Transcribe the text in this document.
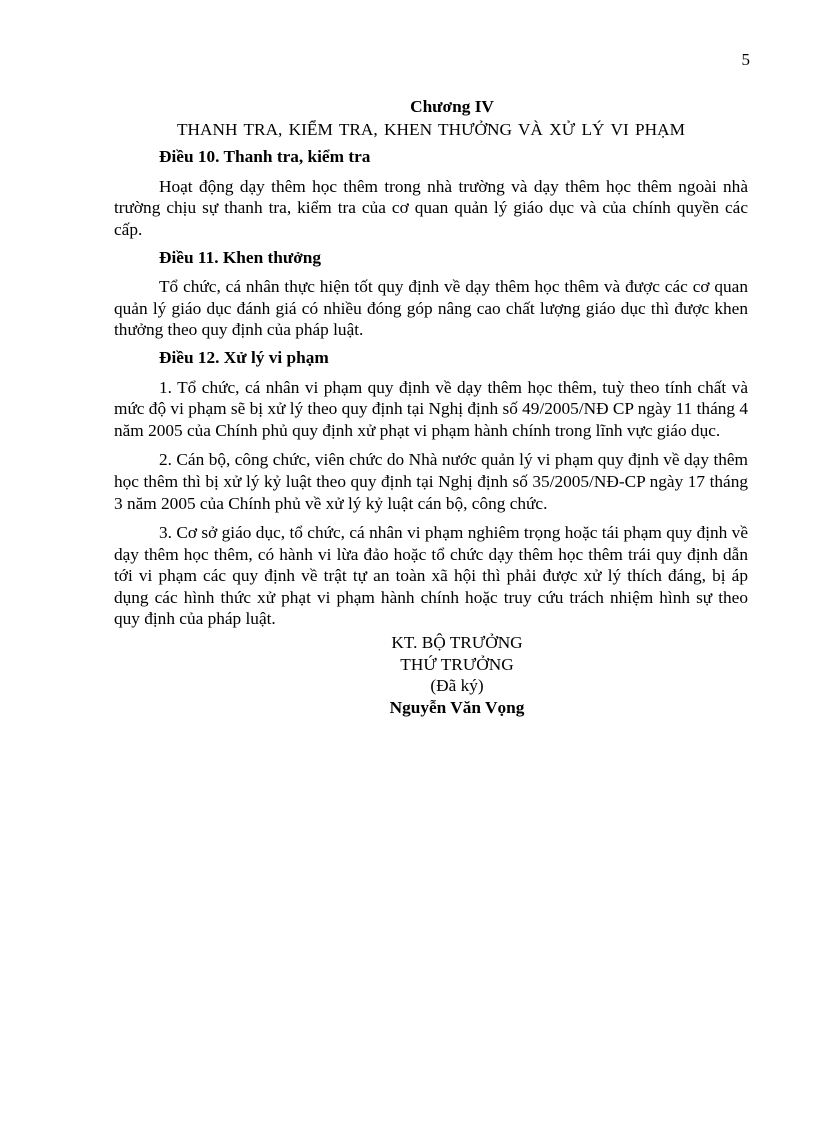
5

Chương IV

THANH TRA, KIỂM TRA, KHEN THƯỞNG VÀ XỬ LÝ VI PHẠM

Điều 10. Thanh tra, kiểm tra

Hoạt động dạy thêm học thêm trong nhà trường và dạy thêm học thêm ngoài nhà trường chịu sự thanh tra, kiểm tra của cơ quan quản lý giáo dục và của chính quyền các cấp.

Điều 11. Khen thưởng

Tổ chức, cá nhân thực hiện tốt quy định về dạy thêm học thêm và được các cơ quan quản lý giáo dục đánh giá có nhiều đóng góp nâng cao chất lượng giáo dục thì được khen thưởng theo quy định của pháp luật.

Điều 12. Xử lý vi phạm

1. Tổ chức, cá nhân vi phạm quy định về dạy thêm học thêm, tuỳ theo tính chất và mức độ vi phạm sẽ bị xử lý theo quy định tại Nghị định số 49/2005/NĐ CP ngày 11 tháng 4 năm 2005 của Chính phủ quy định xử phạt vi phạm hành chính trong lĩnh vực giáo dục.

2. Cán bộ, công chức, viên chức do Nhà nước quản lý vi phạm quy định về dạy thêm học thêm thì bị xử lý kỷ luật theo quy định tại Nghị định số 35/2005/NĐ-CP ngày 17 tháng 3 năm 2005 của Chính phủ về xử lý kỷ luật cán bộ, công chức.

3. Cơ sở giáo dục, tổ chức, cá nhân vi phạm nghiêm trọng hoặc tái phạm quy định về dạy thêm học thêm, có hành vi lừa đảo hoặc tổ chức dạy thêm học thêm trái quy định dẫn tới vi phạm các quy định về trật tự an toàn xã hội thì phải được xử lý thích đáng, bị áp dụng các hình thức xử phạt vi phạm hành chính hoặc truy cứu trách nhiệm hình sự theo quy định của pháp luật.

KT. BỘ TRƯỞNG
THỨ TRƯỞNG
(Đã ký)
Nguyễn Văn Vọng
